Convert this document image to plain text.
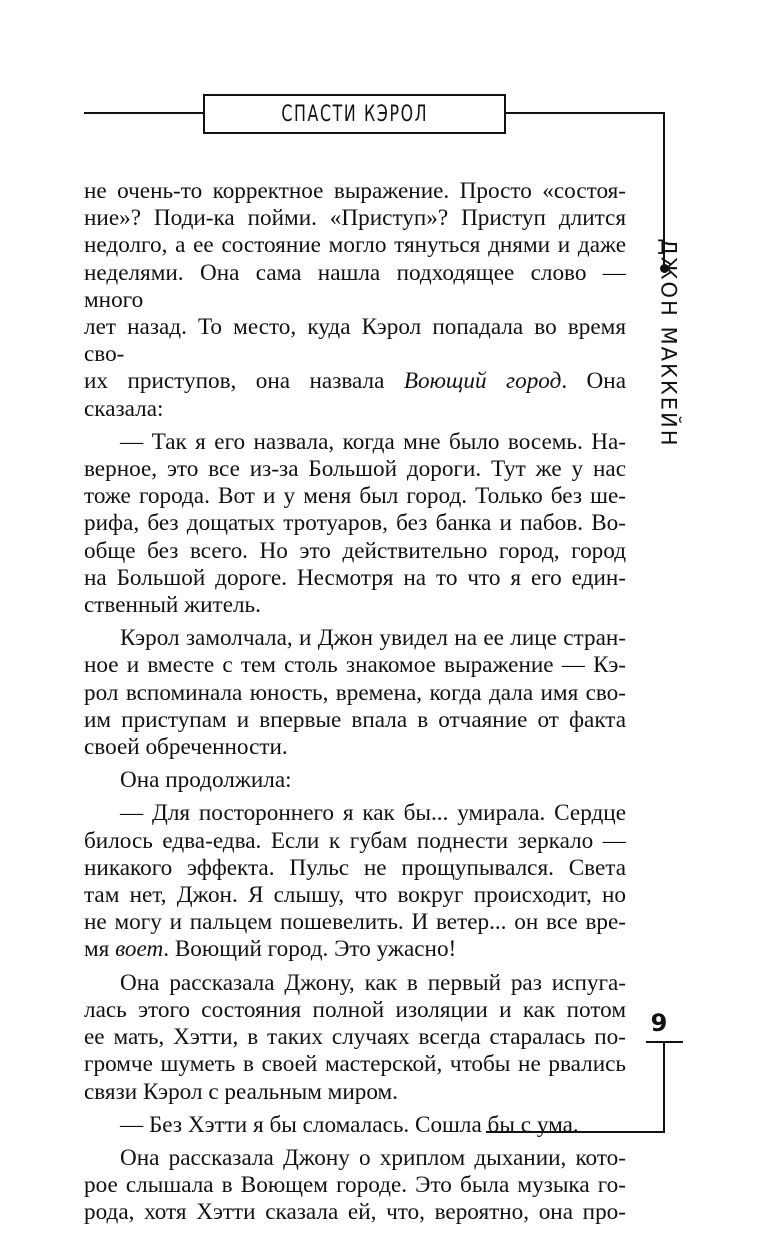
СПАСТИ КЭРОЛ
ДЖОН МАККЕЙН
9
не очень-то корректное выражение. Просто «состоя-
ние»? Поди-ка пойми. «Приступ»? Приступ длится
недолго, а ее состояние могло тянуться днями и даже
неделями. Она сама нашла подходящее слово — много
лет назад. То место, куда Кэрол попадала во время сво-
их приступов, она назвала Воющий город. Она сказала:
— Так я его назвала, когда мне было восемь. На-
верное, это все из-за Большой дороги. Тут же у нас
тоже города. Вот и у меня был город. Только без ше-
рифа, без дощатых тротуаров, без банка и пабов. Во-
обще без всего. Но это действительно город, город
на Большой дороге. Несмотря на то что я его един-
ственный житель.
Кэрол замолчала, и Джон увидел на ее лице стран-
ное и вместе с тем столь знакомое выражение — Кэ-
рол вспоминала юность, времена, когда дала имя сво-
им приступам и впервые впала в отчаяние от факта
своей обреченности.
Она продолжила:
— Для постороннего я как бы... умирала. Сердце
билось едва-едва. Если к губам поднести зеркало —
никакого эффекта. Пульс не прощупывался. Света
там нет, Джон. Я слышу, что вокруг происходит, но
не могу и пальцем пошевелить. И ветер... он все вре-
мя воет. Воющий город. Это ужасно!
Она рассказала Джону, как в первый раз испуга-
лась этого состояния полной изоляции и как потом
ее мать, Хэтти, в таких случаях всегда старалась по-
громче шуметь в своей мастерской, чтобы не рвались
связи Кэрол с реальным миром.
— Без Хэтти я бы сломалась. Сошла бы с ума.
Она рассказала Джону о хриплом дыхании, кото-
рое слышала в Воющем городе. Это была музыка го-
рода, хотя Хэтти сказала ей, что, вероятно, она про-
